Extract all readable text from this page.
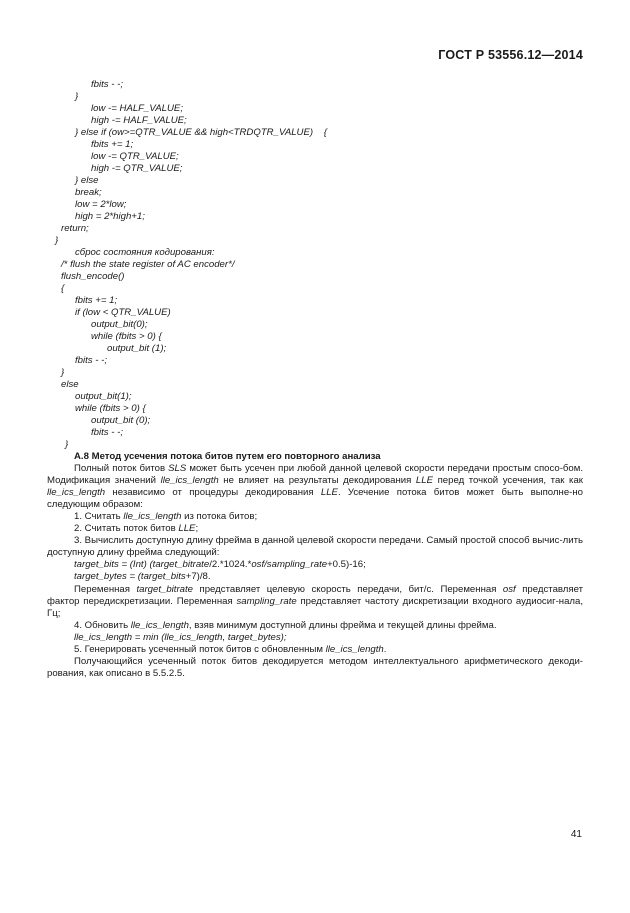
ГОСТ Р 53556.12—2014
fbits - -;
}
low -= HALF_VALUE;
high -= HALF_VALUE;
} else if (ow>=QTR_VALUE && high<TRDQTR_VALUE)    {
fbits += 1;
low -= QTR_VALUE;
high -= QTR_VALUE;
} else
break;
low = 2*low;
high = 2*high+1;
return;
}
сброс состояния кодирования:
/* flush the state register of AC encoder*/
flush_encode()
{
fbits += 1;
if (low < QTR_VALUE)
output_bit(0);
while (fbits > 0) {
output_bit (1);
fbits - -;
}
else
output_bit(1);
while (fbits > 0) {
output_bit (0);
fbits - -;
}

А.8 Метод усечения потока битов путем его повторного анализа

Полный поток битов SLS может быть усечен при любой данной целевой скорости передачи простым спосо-бом. Модификация значений lle_ics_length не влияет на результаты декодирования LLE перед точкой усечения, так как lle_ics_length независимо от процедуры декодирования LLE. Усечение потока битов может быть выполне-но следующим образом:

1. Считать lle_ics_length из потока битов;

2. Считать поток битов LLE;

3. Вычислить доступную длину фрейма в данной целевой скорости передачи. Самый простой способ вычис-лить доступную длину фрейма следующий:

target_bits = (Int) (target_bitrate/2.*1024.*osf/sampling_rate+0.5)-16;

target_bytes = (target_bits+7)/8.

Переменная target_bitrate представляет целевую скорость передачи, бит/с. Переменная osf представляет фактор передискретизации. Переменная sampling_rate представляет частоту дискретизации входного аудиосиг-нала, Гц;

4. Обновить lle_ics_length, взяв минимум доступной длины фрейма и текущей длины фрейма.

lle_ics_length = min (lle_ics_length, target_bytes);

5. Генерировать усеченный поток битов с обновленным lle_ics_length.

Получающийся усеченный поток битов декодируется методом интеллектуального арифметического декоди-рования, как описано в 5.5.2.5.

41
